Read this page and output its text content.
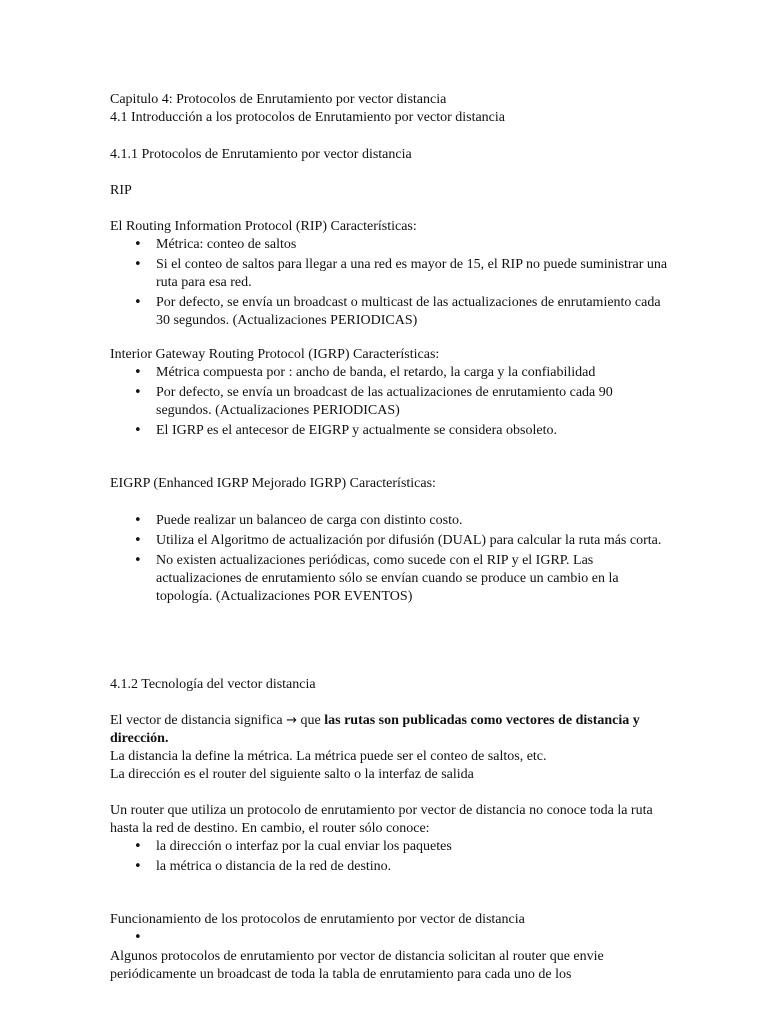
Capitulo 4: Protocolos de Enrutamiento por vector distancia

4.1 Introducción a los protocolos de Enrutamiento por vector distancia

4.1.1 Protocolos de Enrutamiento por vector distancia

RIP

El Routing Information Protocol (RIP) Características:

• Métrica: conteo de saltos
• Si el conteo de saltos para llegar a una red es mayor de 15, el RIP no puede suministrar una ruta para esa red.
• Por defecto, se envía un broadcast o multicast de las actualizaciones de enrutamiento cada 30 segundos. (Actualizaciones PERIODICAS)

Interior Gateway Routing Protocol (IGRP) Características:

• Métrica compuesta por : ancho de banda, el retardo, la carga y la confiabilidad
• Por defecto, se envía un broadcast de las actualizaciones de enrutamiento cada 90 segundos. (Actualizaciones PERIODICAS)
• El IGRP es el antecesor de EIGRP y actualmente se considera obsoleto.

EIGRP (Enhanced IGRP Mejorado IGRP) Características:

• Puede realizar un balanceo de carga con distinto costo.
• Utiliza el Algoritmo de actualización por difusión (DUAL) para calcular la ruta más corta.
• No existen actualizaciones periódicas, como sucede con el RIP y el IGRP. Las actualizaciones de enrutamiento sólo se envían cuando se produce un cambio en la topología. (Actualizaciones POR EVENTOS)

4.1.2 Tecnología del vector distancia

El vector de distancia significa → que las rutas son publicadas como vectores de distancia y dirección.

La distancia la define la métrica. La métrica puede ser el conteo de saltos, etc.

La dirección es el router del siguiente salto o la interfaz de salida

Un router que utiliza un protocolo de enrutamiento por vector de distancia no conoce toda la ruta hasta la red de destino. En cambio, el router sólo conoce:

• la dirección o interfaz por la cual enviar los paquetes
• la métrica o distancia de la red de destino.

Funcionamiento de los protocolos de enrutamiento por vector de distancia

•

Algunos protocolos de enrutamiento por vector de distancia solicitan al router que envie periódicamente un broadcast de toda la tabla de enrutamiento para cada uno de los
